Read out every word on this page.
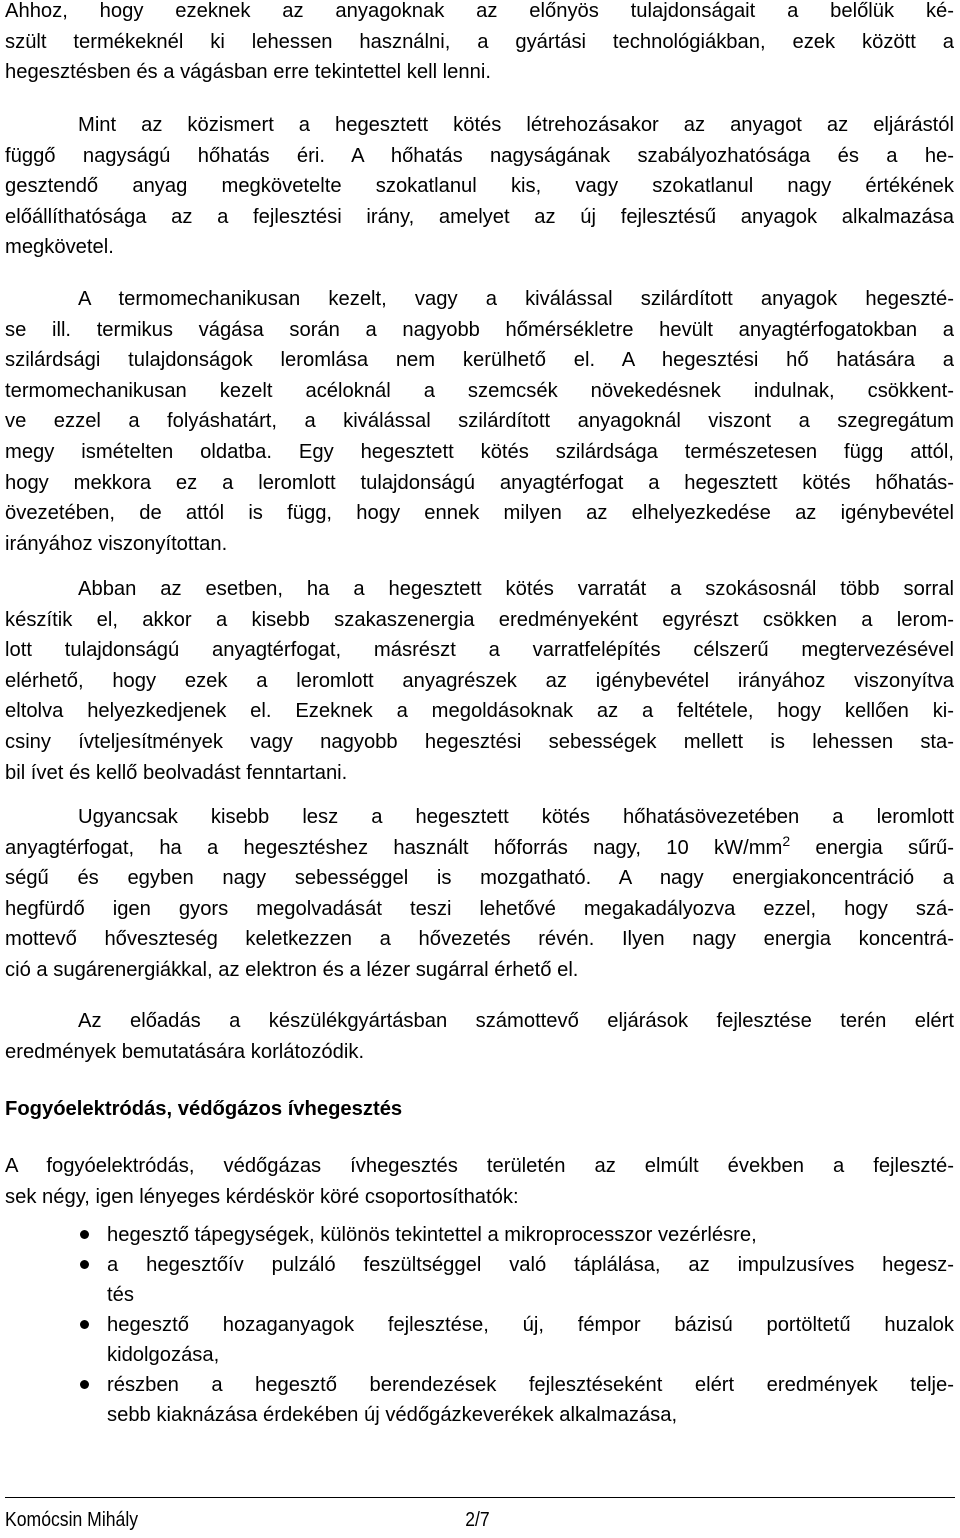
Ahhoz, hogy ezeknek az anyagoknak az előnyös tulajdonságait a belőlük ké-
szült termékeknél ki lehessen használni, a gyártási technológiákban, ezek között a
hegesztésben és a vágásban erre tekintettel kell lenni.
Mint az közismert a hegesztett kötés létrehozásakor az anyagot az eljárástól
függő nagyságú hőhatás éri. A hőhatás nagyságának szabályozhatósága és a he-
gesztendő anyag megkövetelte szokatlanul kis, vagy szokatlanul nagy értékének
előállíthatósága az a fejlesztési irány, amelyet az új fejlesztésű anyagok alkalmazása
megkövetel.
A termomechanikusan kezelt, vagy a kiválással szilárdított anyagok hegeszté-
se ill. termikus vágása során a nagyobb hőmérsékletre hevült anyagtérfogatokban a
szilárdsági tulajdonságok leromlása nem kerülhető el. A hegesztési hő hatására a
termomechanikusan kezelt acéloknál a szemcsék növekedésnek indulnak, csökkent-
ve ezzel a folyáshatárt, a kiválással szilárdított anyagoknál viszont a szegregátum
megy ismételten oldatba. Egy hegesztett kötés szilárdsága természetesen függ attól,
hogy mekkora ez a leromlott tulajdonságú anyagtérfogat a hegesztett kötés hőhatás-
övezetében, de attól is függ, hogy ennek milyen az elhelyezkedése az igénybevétel
irányához viszonyítottan.
Abban az esetben, ha a hegesztett kötés varratát a szokásosnál több sorral
készítik el, akkor a kisebb szakaszenergia eredményeként egyrészt csökken a lerom-
lott tulajdonságú anyagtérfogat, másrészt a varratfelépítés célszerű megtervezésével
elérhető, hogy ezek a leromlott anyagrészek az igénybevétel irányához viszonyítva
eltolva helyezkedjenek el. Ezeknek a megoldásoknak az a feltétele, hogy kellően ki-
csiny ívteljesítmények vagy nagyobb hegesztési sebességek mellett is lehessen sta-
bil ívet és kellő beolvadást fenntartani.
Ugyancsak kisebb lesz a hegesztett kötés hőhatásövezetében a leromlott
anyagtérfogat, ha a hegesztéshez használt hőforrás nagy, 10 $kW/mm^2$ energia sűrű-
ségű és egyben nagy sebességgel is mozgatható. A nagy energiakoncentráció a
hegfürdő igen gyors megolvadását teszi lehetővé megakadályozva ezzel, hogy szá-
mottevő hőveszteség keletkezzen a hővezetés révén. Ilyen nagy energia koncentrá-
ció a sugárenergiákkal, az elektron és a lézer sugárral érhető el.
Az előadás a készülékgyártásban számottevő eljárások fejlesztése terén elért
eredmények bemutatására korlátozódik.
Fogyóelektródás, védőgázos ívhegesztés
A fogyóelektródás, védőgázas ívhegesztés területén az elmúlt években a fejleszté-
sek négy, igen lényeges kérdéskör köré csoportosíthatók:
hegesztő tápegységek, különös tekintettel a mikroprocesszor vezérlésre,
a hegesztőív pulzáló feszültséggel való táplálása, az impulzusíves hegesz-
tés
hegesztő hozaganyagok fejlesztése, új, fémpor bázisú portöltetű huzalok
kidolgozása,
részben a hegesztő berendezések fejlesztéseként elért eredmények telje-
sebb kiaknázása érdekében új védőgázkeverékek alkalmazása,
Komócsin Mihály	2/7
